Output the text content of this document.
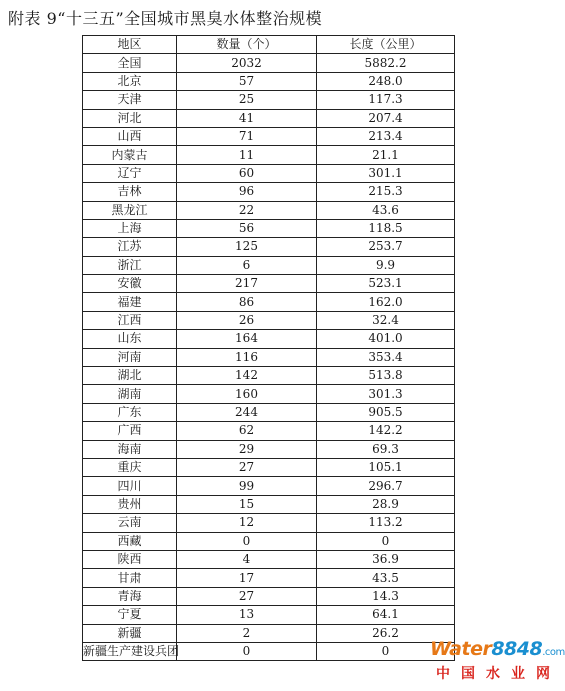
附表 9“十三五”全国城市黑臭水体整治规模
地区	数量（个）	长度（公里）
全国	2032	5882.2
北京	57	248.0
天津	25	117.3
河北	41	207.4
山西	71	213.4
内蒙古	11	21.1
辽宁	60	301.1
吉林	96	215.3
黑龙江	22	43.6
上海	56	118.5
江苏	125	253.7
浙江	6	9.9
安徽	217	523.1
福建	86	162.0
江西	26	32.4
山东	164	401.0
河南	116	353.4
湖北	142	513.8
湖南	160	301.3
广东	244	905.5
广西	62	142.2
海南	29	69.3
重庆	27	105.1
四川	99	296.7
贵州	15	28.9
云南	12	113.2
西藏	0	0
陕西	4	36.9
甘肃	17	43.5
青海	27	14.3
宁夏	13	64.1
新疆	2	26.2
新疆生产建设兵团	0	0 Water8848.com
中国水业网
